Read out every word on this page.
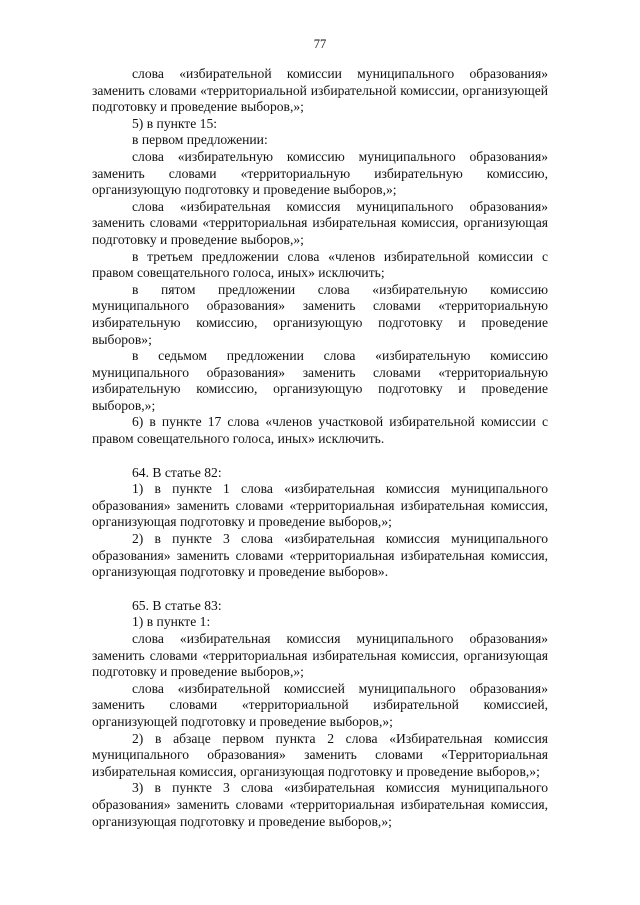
77

слова «избирательной комиссии муниципального образования» заменить словами «территориальной избирательной комиссии, организующей подготовку и проведение выборов,»;

5) в пункте 15:

в первом предложении:

слова «избирательную комиссию муниципального образования» заменить словами «территориальную избирательную комиссию, организующую подготовку и проведение выборов,»;

слова «избирательная комиссия муниципального образования» заменить словами «территориальная избирательная комиссия, организующая подготовку и проведение выборов,»;

в третьем предложении слова «членов избирательной комиссии с правом совещательного голоса, иных» исключить;

в пятом предложении слова «избирательную комиссию муниципального образования» заменить словами «территориальную избирательную комиссию, организующую подготовку и проведение выборов»;

в седьмом предложении слова «избирательную комиссию муниципального образования» заменить словами «территориальную избирательную комиссию, организующую подготовку и проведение выборов,»;

6) в пункте 17 слова «членов участковой избирательной комиссии с правом совещательного голоса, иных» исключить.

64. В статье 82:

1) в пункте 1 слова «избирательная комиссия муниципального образования» заменить словами «территориальная избирательная комиссия, организующая подготовку и проведение выборов,»;

2) в пункте 3 слова «избирательная комиссия муниципального образования» заменить словами «территориальная избирательная комиссия, организующая подготовку и проведение выборов».

65. В статье 83:

1) в пункте 1:

слова «избирательная комиссия муниципального образования» заменить словами «территориальная избирательная комиссия, организующая подготовку и проведение выборов,»;

слова «избирательной комиссией муниципального образования» заменить словами «территориальной избирательной комиссией, организующей подготовку и проведение выборов,»;

2) в абзаце первом пункта 2 слова «Избирательная комиссия муниципального образования» заменить словами «Территориальная избирательная комиссия, организующая подготовку и проведение выборов,»;

3) в пункте 3 слова «избирательная комиссия муниципального образования» заменить словами «территориальная избирательная комиссия, организующая подготовку и проведение выборов,»;
